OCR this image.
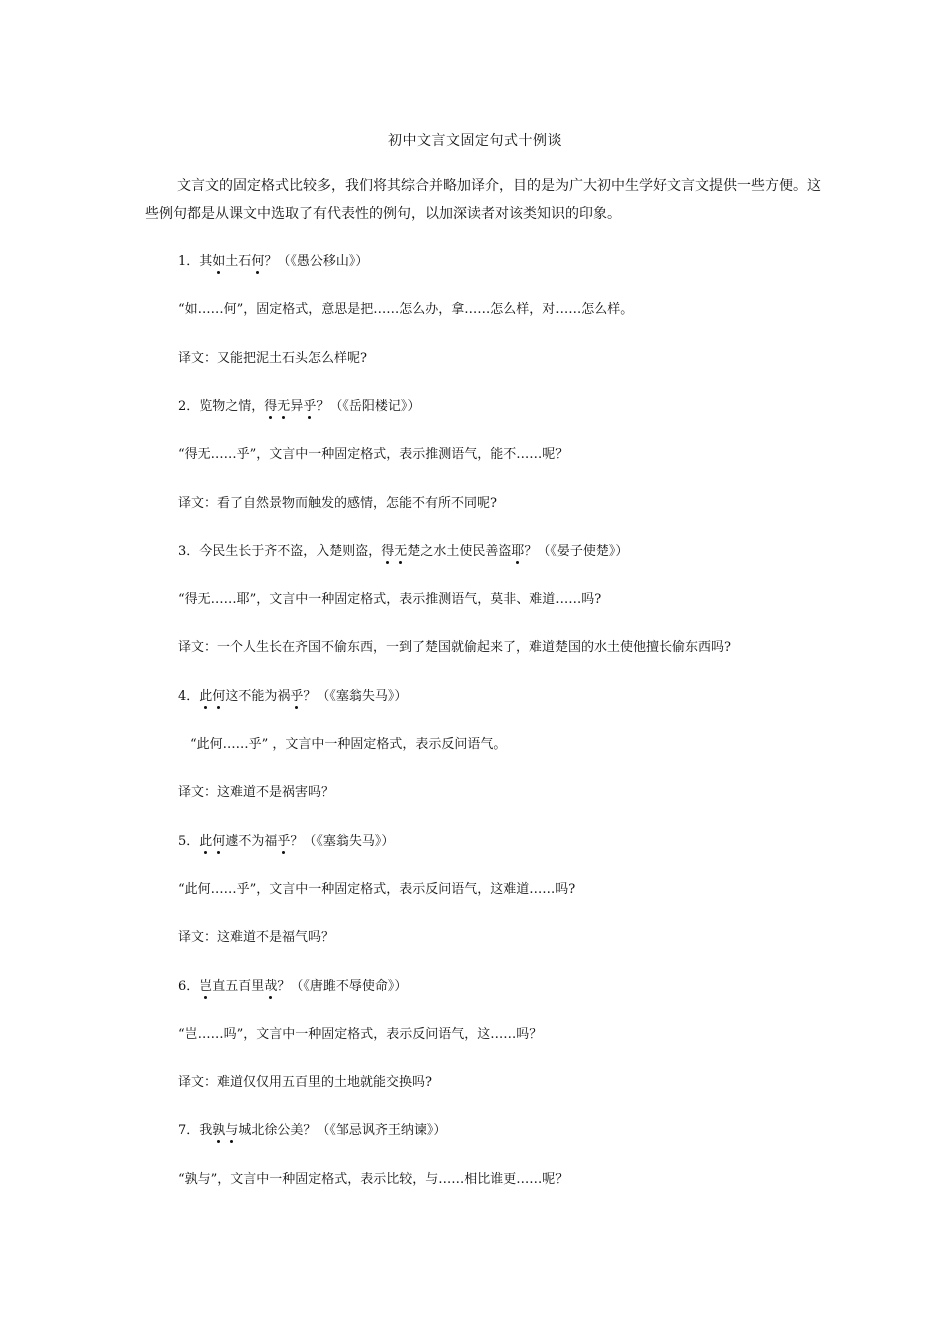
初中文言文固定句式十例谈
文言文的固定格式比较多，我们将其综合并略加译介，目的是为广大初中生学好文言文提供一些方便。这些例句都是从课文中选取了有代表性的例句，以加深读者对该类知识的印象。
1．其如土石何？（《愚公移山》）
“如……何”，固定格式，意思是把……怎么办，拿……怎么样，对……怎么样。
译文：又能把泥土石头怎么样呢?
2．览物之情，得无异乎？（《岳阳楼记》）
“得无……乎”，文言中一种固定格式，表示推测语气，能不……呢？
译文：看了自然景物而触发的感情，怎能不有所不同呢?
3．今民生长于齐不盗，入楚则盗，得无楚之水土使民善盗耶？（《晏子使楚》）
“得无……耶”，文言中一种固定格式，表示推测语气，莫非、难道……吗?
译文：一个人生长在齐国不偷东西，一到了楚国就偷起来了，难道楚国的水土使他擅长偷东西吗?
4．此何这不能为祸乎？（《塞翁失马》）
“此何……乎” ，文言中一种固定格式，表示反问语气。
译文：这难道不是祸害吗？
5．此何遽不为福乎？（《塞翁失马》）
“此何……乎”，文言中一种固定格式，表示反问语气，这难道……吗?
译文：这难道不是福气吗？
6．岂直五百里哉？（《唐雎不辱使命》）
“岂……吗”，文言中一种固定格式，表示反问语气，这……吗？
译文：难道仅仅用五百里的土地就能交换吗?
7．我孰与城北徐公美？（《邹忌讽齐王纳谏》）
“孰与”，文言中一种固定格式，表示比较，与……相比谁更……呢？
